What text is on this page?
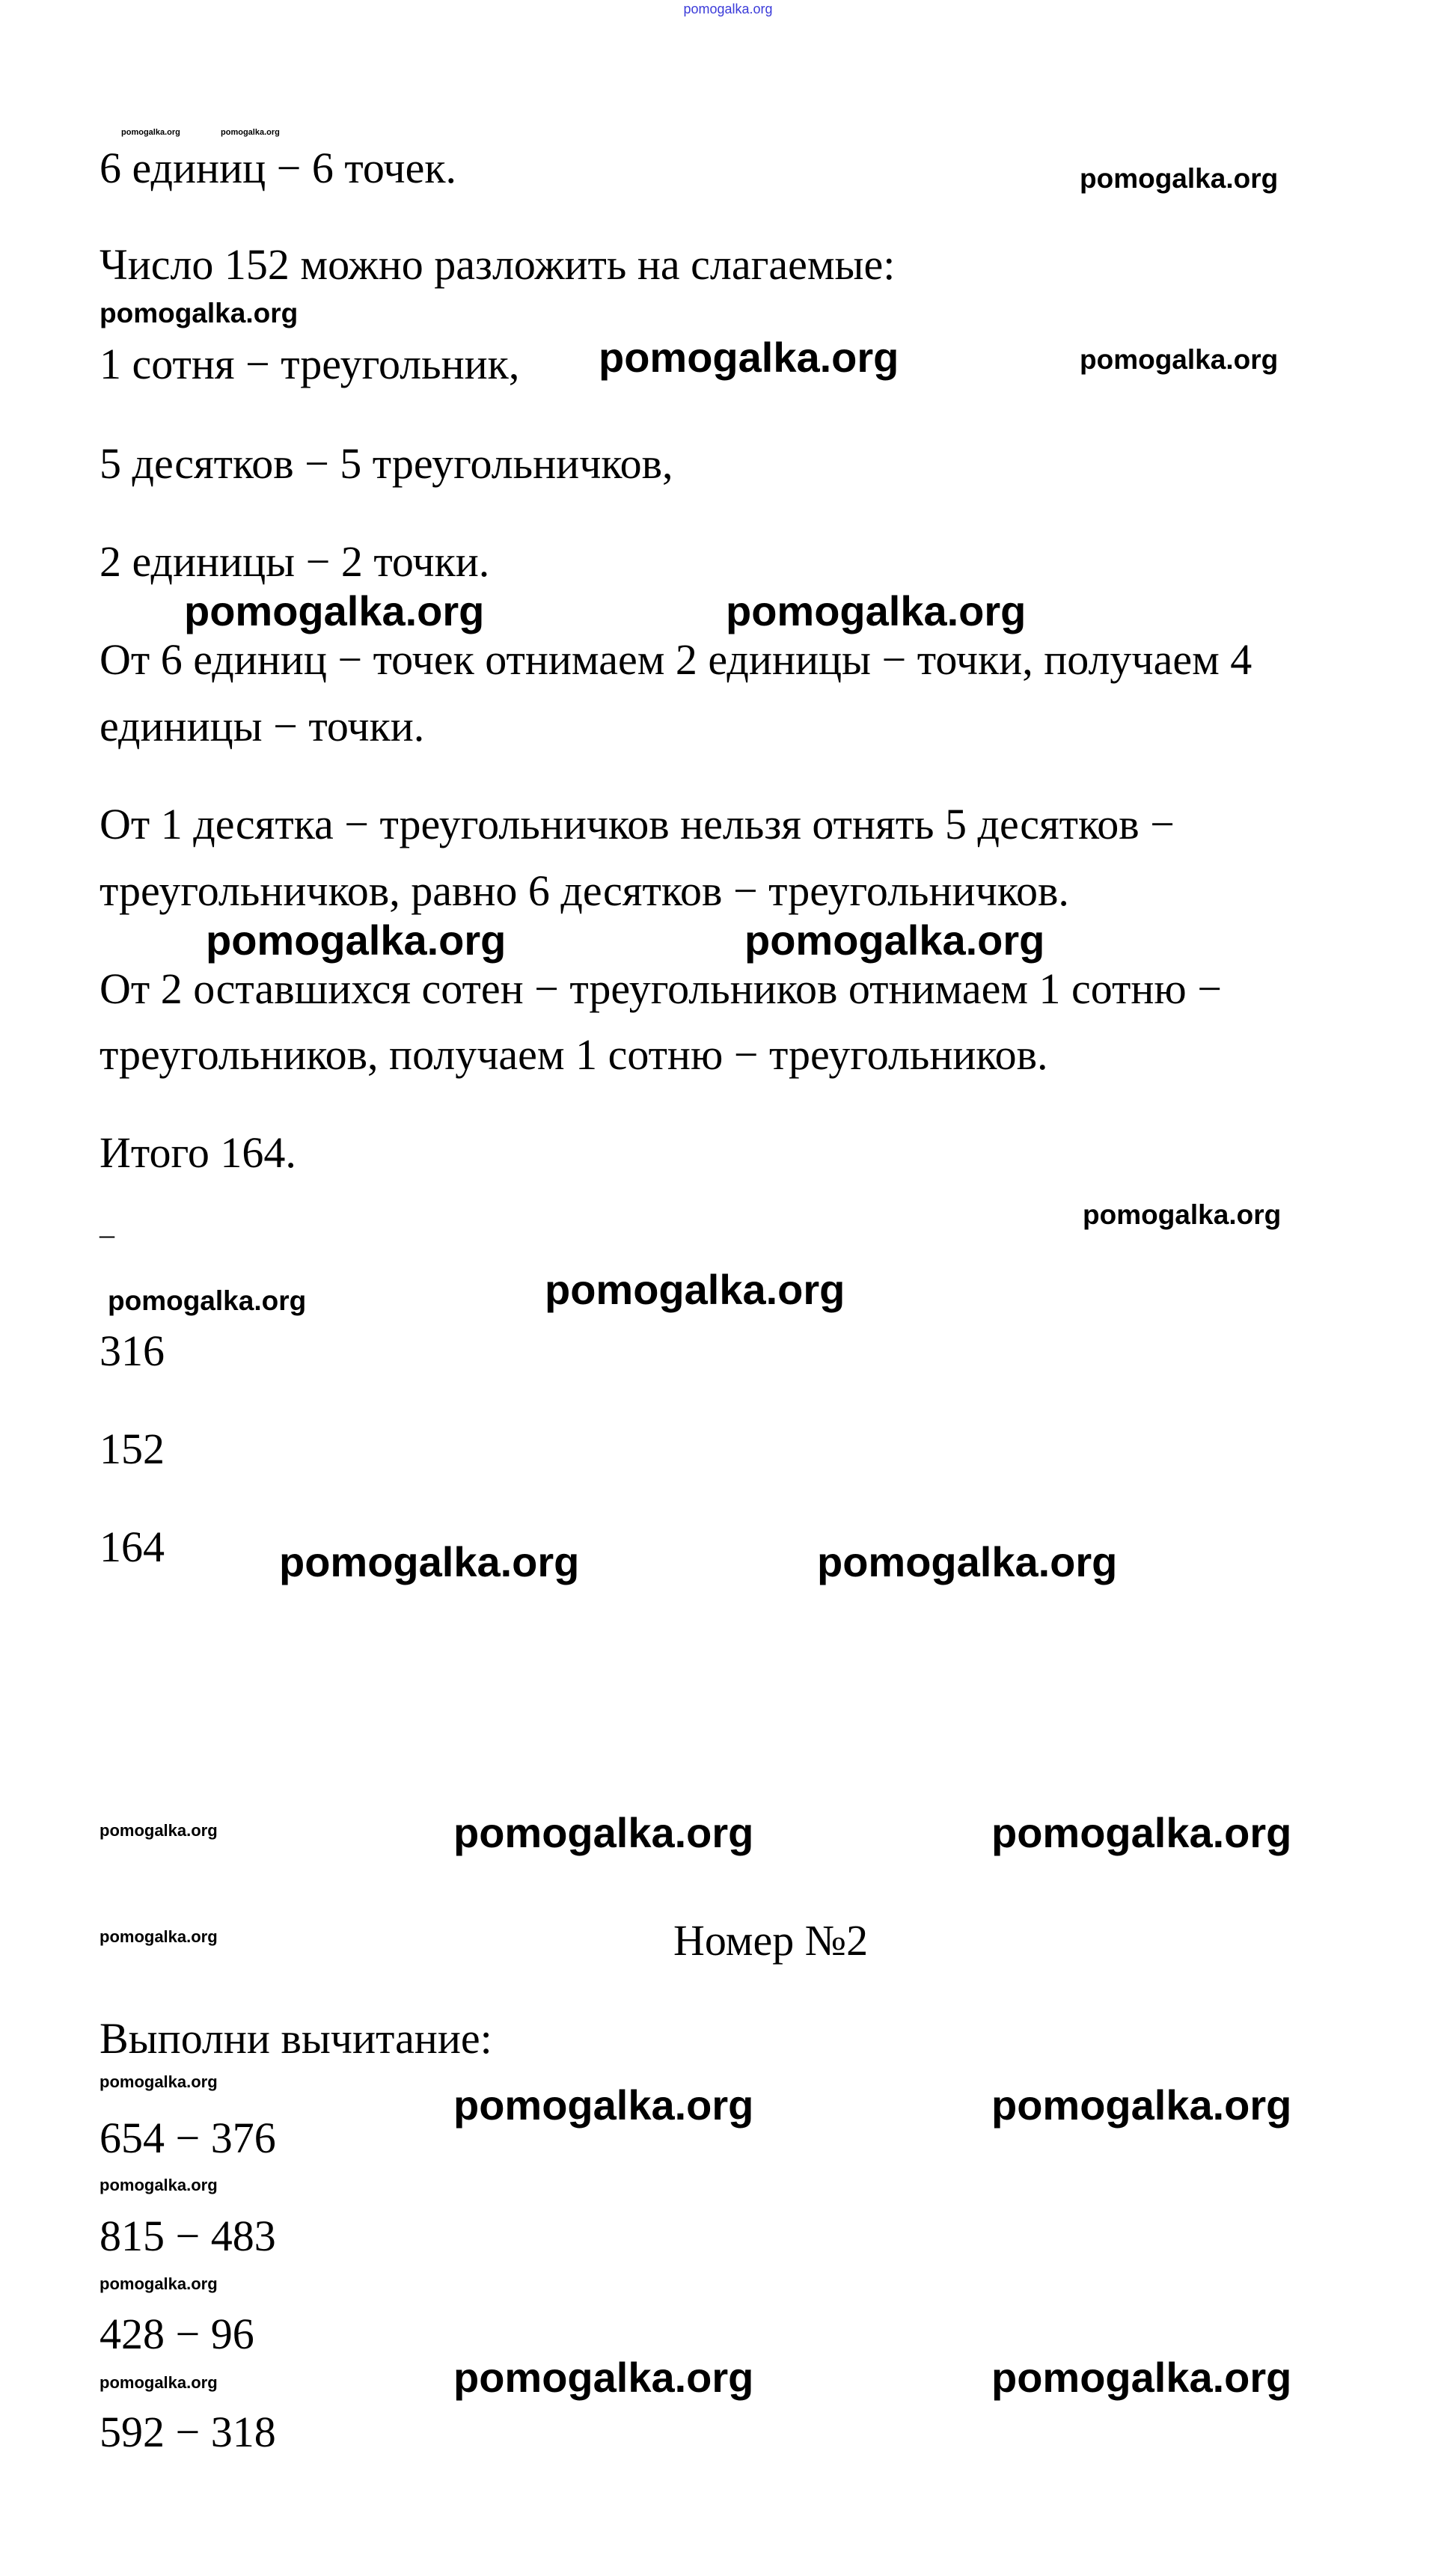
pomogalka.org
6 единиц − 6 точек.
Число 152 можно разложить на слагаемые:
1 сотня − треугольник,
5 десятков − 5 треугольничков,
2 единицы − 2 точки.
От 6 единиц − точек отнимаем 2 единицы − точки, получаем 4
единицы − точки.
От 1 десятка − треугольничков нельзя отнять 5 десятков −
треугольничков, равно 6 десятков − треугольничков.
От 2 оставшихся сотен − треугольников отнимаем 1 сотню −
треугольников, получаем 1 сотню − треугольников.
Итого 164.
–
316
152
164
Номер №2
Выполни вычитание:
654 − 376
815 − 483
428 − 96
592 − 318
pomogalka.org	pomogalka.org
pomogalka.org
pomogalka.org
pomogalka.org	pomogalka.org
pomogalka.org	pomogalka.org
pomogalka.org	pomogalka.org
pomogalka.org
pomogalka.org	pomogalka.org
pomogalka.org	pomogalka.org
pomogalka.org	pomogalka.org	pomogalka.org
pomogalka.org
pomogalka.org	pomogalka.org	pomogalka.org
pomogalka.org
pomogalka.org
pomogalka.org	pomogalka.org	pomogalka.org
